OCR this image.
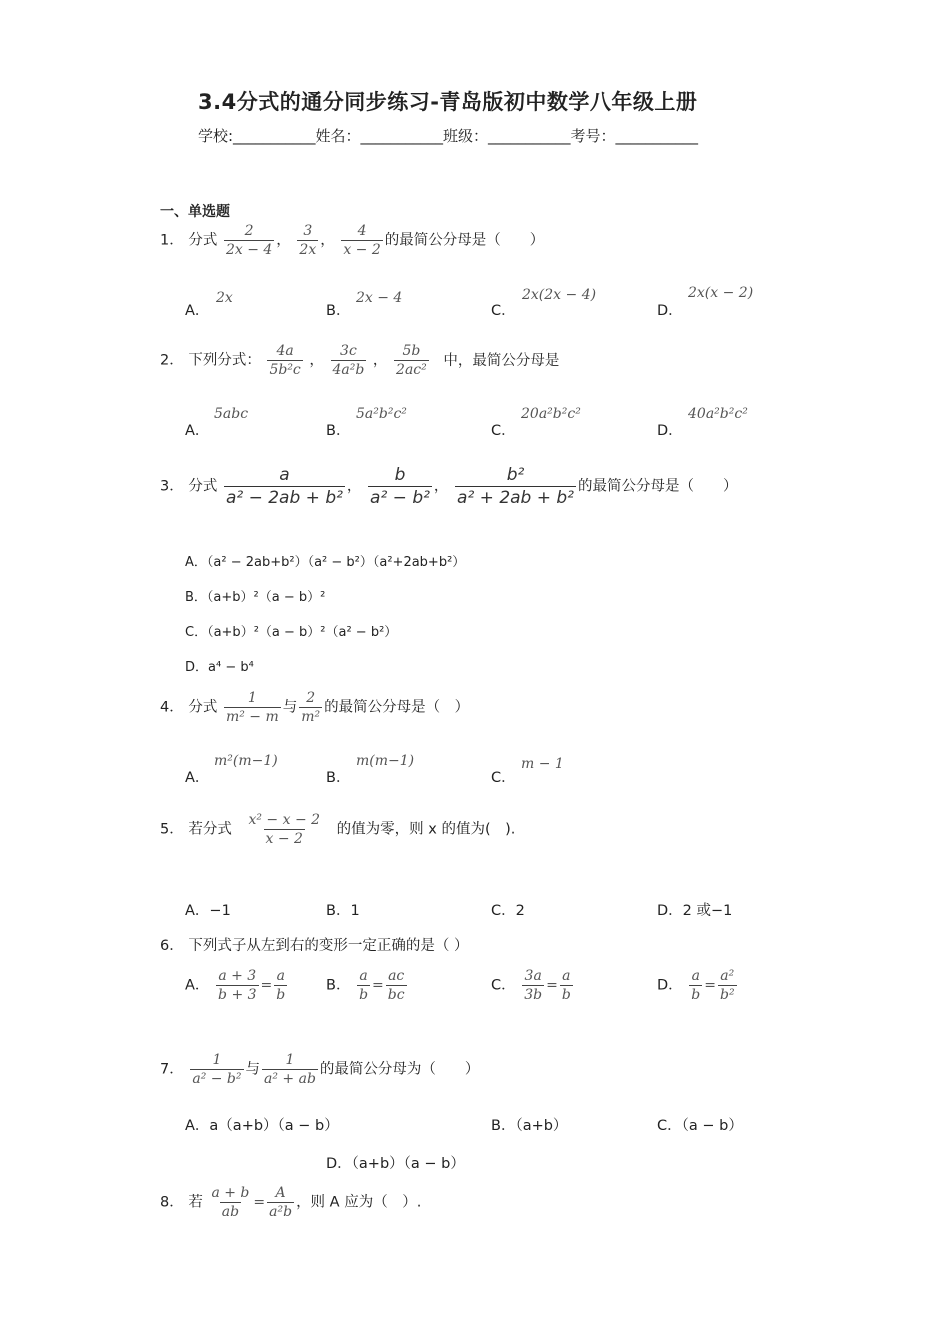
3.4分式的通分同步练习-青岛版初中数学八年级上册
学校:___________姓名：___________班级：___________考号：___________
一、单选题
1． 分式 $\frac{2}{2x - 4}$ ， $\frac{3}{2x}$ ， $\frac{4}{x - 2}$ 的最简公分母是（　　）
A．
2x
B．
2x − 4
C．
2x(2x − 4)
D．
2x(x − 2)
2． 下列分式： $\frac{4a}{\text{5b²c}}$ ， $\frac{3c}{\text{4a²b}}$ ， $\frac{5b}{\text{2ac²}}$ 中，最简公分母是
A．
5abc
B．
5a²b²c²
C．
20a²b²c²
D．
40a²b²c²
3． 分式 $\frac{a}{\text{a² − 2ab + b²}}$ ， $\frac{b}{\text{a² − b²}}$ ， $\frac{\text{b²}}{\text{a² + 2ab + b²}}$ 的最简公分母是（　　）
A．（a² − 2ab+b²）（a² − b²）（a²+2ab+b²）
B．（a+b）²（a − b）²
C．（a+b）²（a − b）²（a² − b²）
D．a⁴ − b⁴
4． 分式 $\frac{1}{\text{m² − m}}$ 与 $\frac{2}{\text{m²}}$ 的最简公分母是（　）
A．
m²(m−1)
B．
m(m−1)
C．
m − 1
5． 若分式 $\frac{\text{x² − x − 2}}{x - 2}$ 的值为零，则 x 的值为(　).
A．−1	B．1	C．2	D．2 或−1
6． 下列式子从左到右的变形一定正确的是（ ）
A． $\frac{a + 3}{b + 3} = \frac{a}{b}$	B． $\frac{a}{b} = \frac{ac}{bc}$	C． $\frac{3a}{3b} = \frac{a}{b}$	D． $\frac{a}{b} = \frac{\text{a²}}{\text{b²}}$
7． $\frac{1}{\text{a² − b²}}$ 与 $\frac{1}{\text{a² + ab}}$ 的最简公分母为（　　）
A．a（a+b）（a − b）	B．（a+b）	C．（a − b）
D．（a+b）（a − b）
8． 若 $\frac{a + b}{ab} = \frac{A}{\text{a²b}}$ ，则 A 应为（　）.
